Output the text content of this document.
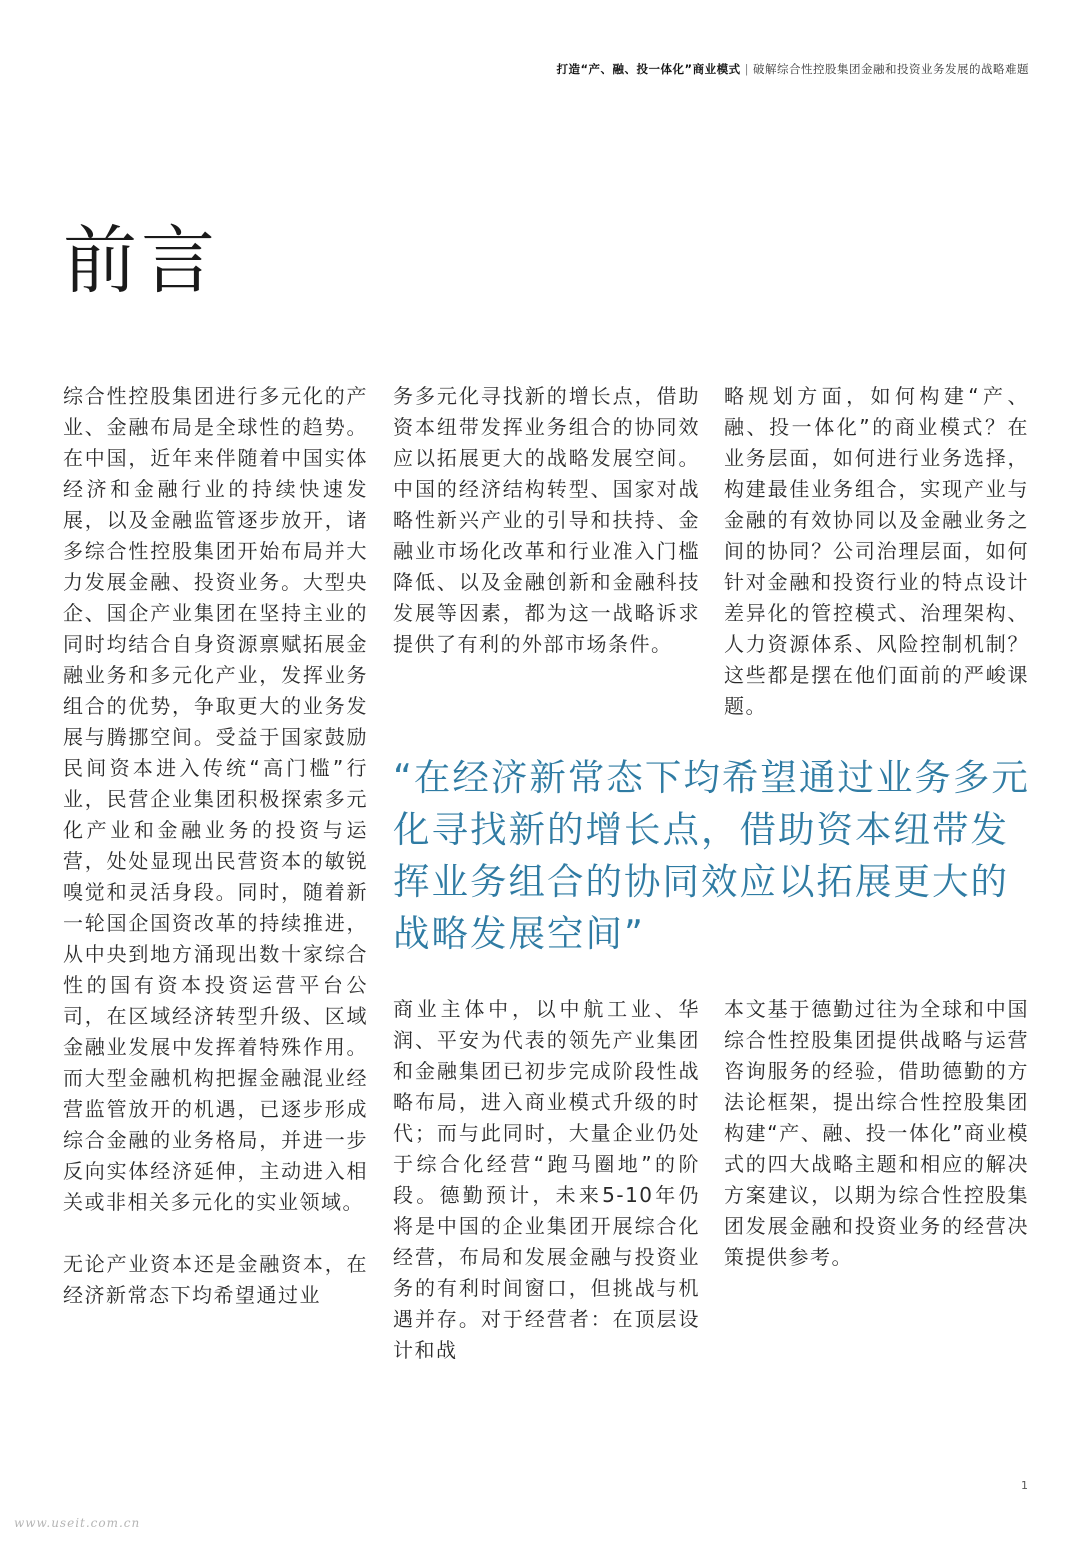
打造“产、融、投一体化”商业模式 | 破解综合性控股集团金融和投资业务发展的战略难题
前言

综合性控股集团进行多元化的产业、金融布局是全球性的趋势。在中国，近年来伴随着中国实体经济和金融行业的持续快速发展，以及金融监管逐步放开，诸多综合性控股集团开始布局并大力发展金融、投资业务。大型央企、国企产业集团在坚持主业的同时均结合自身资源禀赋拓展金融业务和多元化产业，发挥业务组合的优势，争取更大的业务发展与腾挪空间。受益于国家鼓励民间资本进入传统“高门槛”行业，民营企业集团积极探索多元化产业和金融业务的投资与运营，处处显现出民营资本的敏锐嗅觉和灵活身段。同时，随着新一轮国企国资改革的持续推进，从中央到地方涌现出数十家综合性的国有资本投资运营平台公司，在区域经济转型升级、区域金融业发展中发挥着特殊作用。而大型金融机构把握金融混业经营监管放开的机遇，已逐步形成综合金融的业务格局，并进一步反向实体经济延伸，主动进入相关或非相关多元化的实业领域。

无论产业资本还是金融资本，在经济新常态下均希望通过业

务多元化寻找新的增长点，借助资本纽带发挥业务组合的协同效应以拓展更大的战略发展空间。中国的经济结构转型、国家对战略性新兴产业的引导和扶持、金融业市场化改革和行业准入门槛降低、以及金融创新和金融科技发展等因素，都为这一战略诉求提供了有利的外部市场条件。

略规划方面，如何构建“产、融、投一体化”的商业模式？在业务层面，如何进行业务选择，构建最佳业务组合，实现产业与金融的有效协同以及金融业务之间的协同？公司治理层面，如何针对金融和投资行业的特点设计差异化的管控模式、治理架构、人力资源体系、风险控制机制？这些都是摆在他们面前的严峻课题。

“在经济新常态下均希望通过业务多元化寻找新的增长点，借助资本纽带发挥业务组合的协同效应以拓展更大的战略发展空间”

商业主体中，以中航工业、华润、平安为代表的领先产业集团和金融集团已初步完成阶段性战略布局，进入商业模式升级的时代；而与此同时，大量企业仍处于综合化经营“跑马圈地”的阶段。德勤预计，未来5-10年仍将是中国的企业集团开展综合化经营，布局和发展金融与投资业务的有利时间窗口，但挑战与机遇并存。对于经营者：在顶层设计和战

本文基于德勤过往为全球和中国综合性控股集团提供战略与运营咨询服务的经验，借助德勤的方法论框架，提出综合性控股集团构建“产、融、投一体化”商业模式的四大战略主题和相应的解决方案建议，以期为综合性控股集团发展金融和投资业务的经营决策提供参考。

1
www.useit.com.cn
